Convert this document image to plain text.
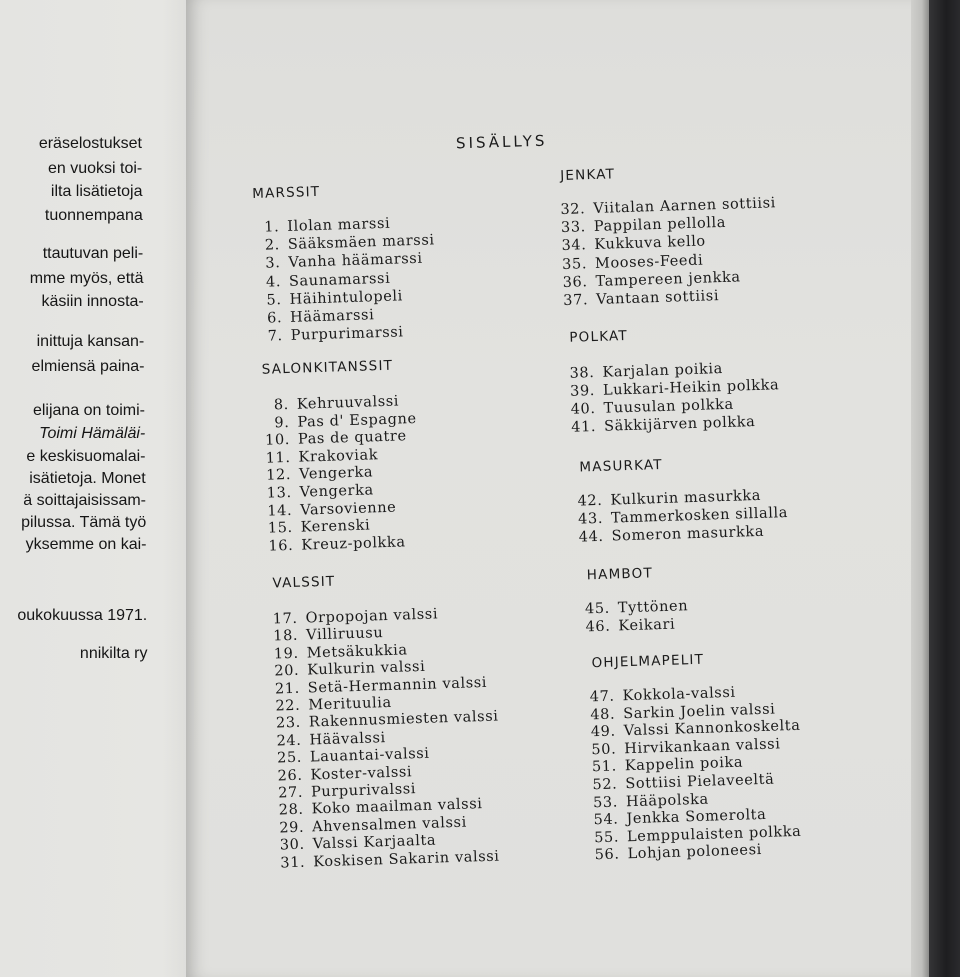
eräselostukset
en vuoksi toi-
ilta lisätietoja
tuonnempana
ttautuvan peli-
mme myös, että
käsiin innosta-
inittuja kansan-
elmiensä paina-
elijana on toimi-
Toimi Hämäläi-
e keskisuomalai-
isätietoja. Monet
ä soittajaisissam-
pilussa. Tämä työ
yksemme on kai-
oukokuussa 1971.
nnikilta ry
SISÄLLYS
MARSSIT
1. Ilolan marssi
2. Sääksmäen marssi
3. Vanha häämarssi
4. Saunamarssi
5. Häihintulopeli
6. Häämarssi
7. Purpurimarssi
SALONKITANSSIT
8. Kehruuvalssi
9. Pas d' Espagne
10. Pas de quatre
11. Krakoviak
12. Vengerka
13. Vengerka
14. Varsovienne
15. Kerenski
16. Kreuz-polkka
VALSSIT
17. Orpopojan valssi
18. Villiruusu
19. Metsäkukkia
20. Kulkurin valssi
21. Setä-Hermannin valssi
22. Merituulia
23. Rakennusmiesten valssi
24. Häävalssi
25. Lauantai-valssi
26. Koster-valssi
27. Purpurivalssi
28. Koko maailman valssi
29. Ahvensalmen valssi
30. Valssi Karjaalta
31. Koskisen Sakarin valssi
JENKAT
32. Viitalan Aarnen sottiisi
33. Pappilan pellolla
34. Kukkuva kello
35. Mooses-Feedi
36. Tampereen jenkka
37. Vantaan sottiisi
POLKAT
38. Karjalan poikia
39. Lukkari-Heikin polkka
40. Tuusulan polkka
41. Säkkijärven polkka
MASURKAT
42. Kulkurin masurkka
43. Tammerkosken sillalla
44. Someron masurkka
HAMBOT
45. Tyttönen
46. Keikari
OHJELMAPELIT
47. Kokkola-valssi
48. Sarkin Joelin valssi
49. Valssi Kannonkoskelta
50. Hirvikankaan valssi
51. Kappelin poika
52. Sottiisi Pielaveeltä
53. Hääpolska
54. Jenkka Somerolta
55. Lemppulaisten polkka
56. Lohjan poloneesi
